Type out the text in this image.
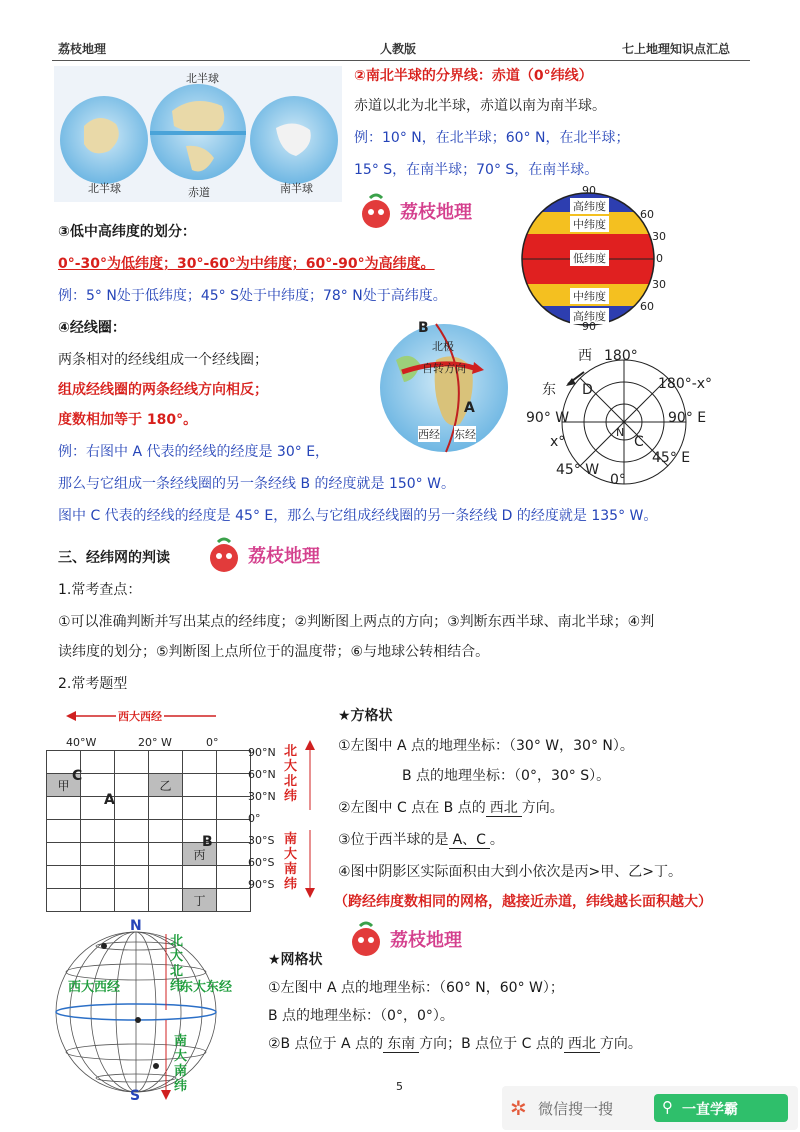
荔枝地理	人教版	七上地理知识点汇总
北半球
北半球	赤道	南半球
②南北半球的分界线：赤道（0°纬线）
赤道以北为北半球，赤道以南为南半球。
例：10° N，在北半球；60° N，在北半球；
15° S，在南半球；70° S，在南半球。
荔枝地理	高纬度
中纬度
低纬度
中纬度
高纬度
90
60
30
0
30
60
90
③低中高纬度的划分：
0°-30°为低纬度；30°-60°为中纬度；60°-90°为高纬度。
例：5° N处于低纬度；45° S处于中纬度；78° N处于高纬度。
④经线圈：
两条相对的经线组成一个经线圈；
组成经线圈的两条经线方向相反；
度数相加等于 180°。
例：右图中 A 代表的经线的经度是 30° E，
那么与它组成一条经线圈的另一条经线 B 的经度就是 150° W。
图中 C 代表的经线的经度是 45° E，那么与它组成经线圈的另一条经线 D 的经度就是 135° W。
B
A
北极
自转方向
西经 东经
西
东
180°
180°-x°
90° W	90° E
x°
45° W
0°
45° E
C
D
N
三、经纬网的判读	荔枝地理
1.常考查点：
①可以准确判断并写出某点的经纬度；②判断图上两点的方向；③判断东西半球、南北半球；④判
读纬度的划分；⑤判断图上点所位于的温度带；⑥与地球公转相结合。
2.常考题型
西大西经
40°W	20° W	0°

甲			乙		

				丙	

				丁	
C
A
B
90°N
60°N
30°N
0°
30°S
60°S
90°S
北大北纬
南大南纬
★方格状
①左图中 A 点的地理坐标：（30° W，30° N）。
B 点的地理坐标：（0°，30° S）。
②左图中 C 点在 B 点的 西北 方向。
③位于西半球的是 A、C 。
④图中阴影区实际面积由大到小依次是丙>甲、乙>丁。
（跨经纬度数相同的网格，越接近赤道，纬线越长面积越大）
N
S
西大西经	东大东经
北大北纬
南大南纬
荔枝地理
★网格状
①左图中 A 点的地理坐标：（60° N，60° W）；
B 点的地理坐标：（0°，0°）。
②B 点位于 A 点的 东南 方向；B 点位于 C 点的 西北 方向。
5
✲ 微信搜一搜	⚲ 一直学霸
